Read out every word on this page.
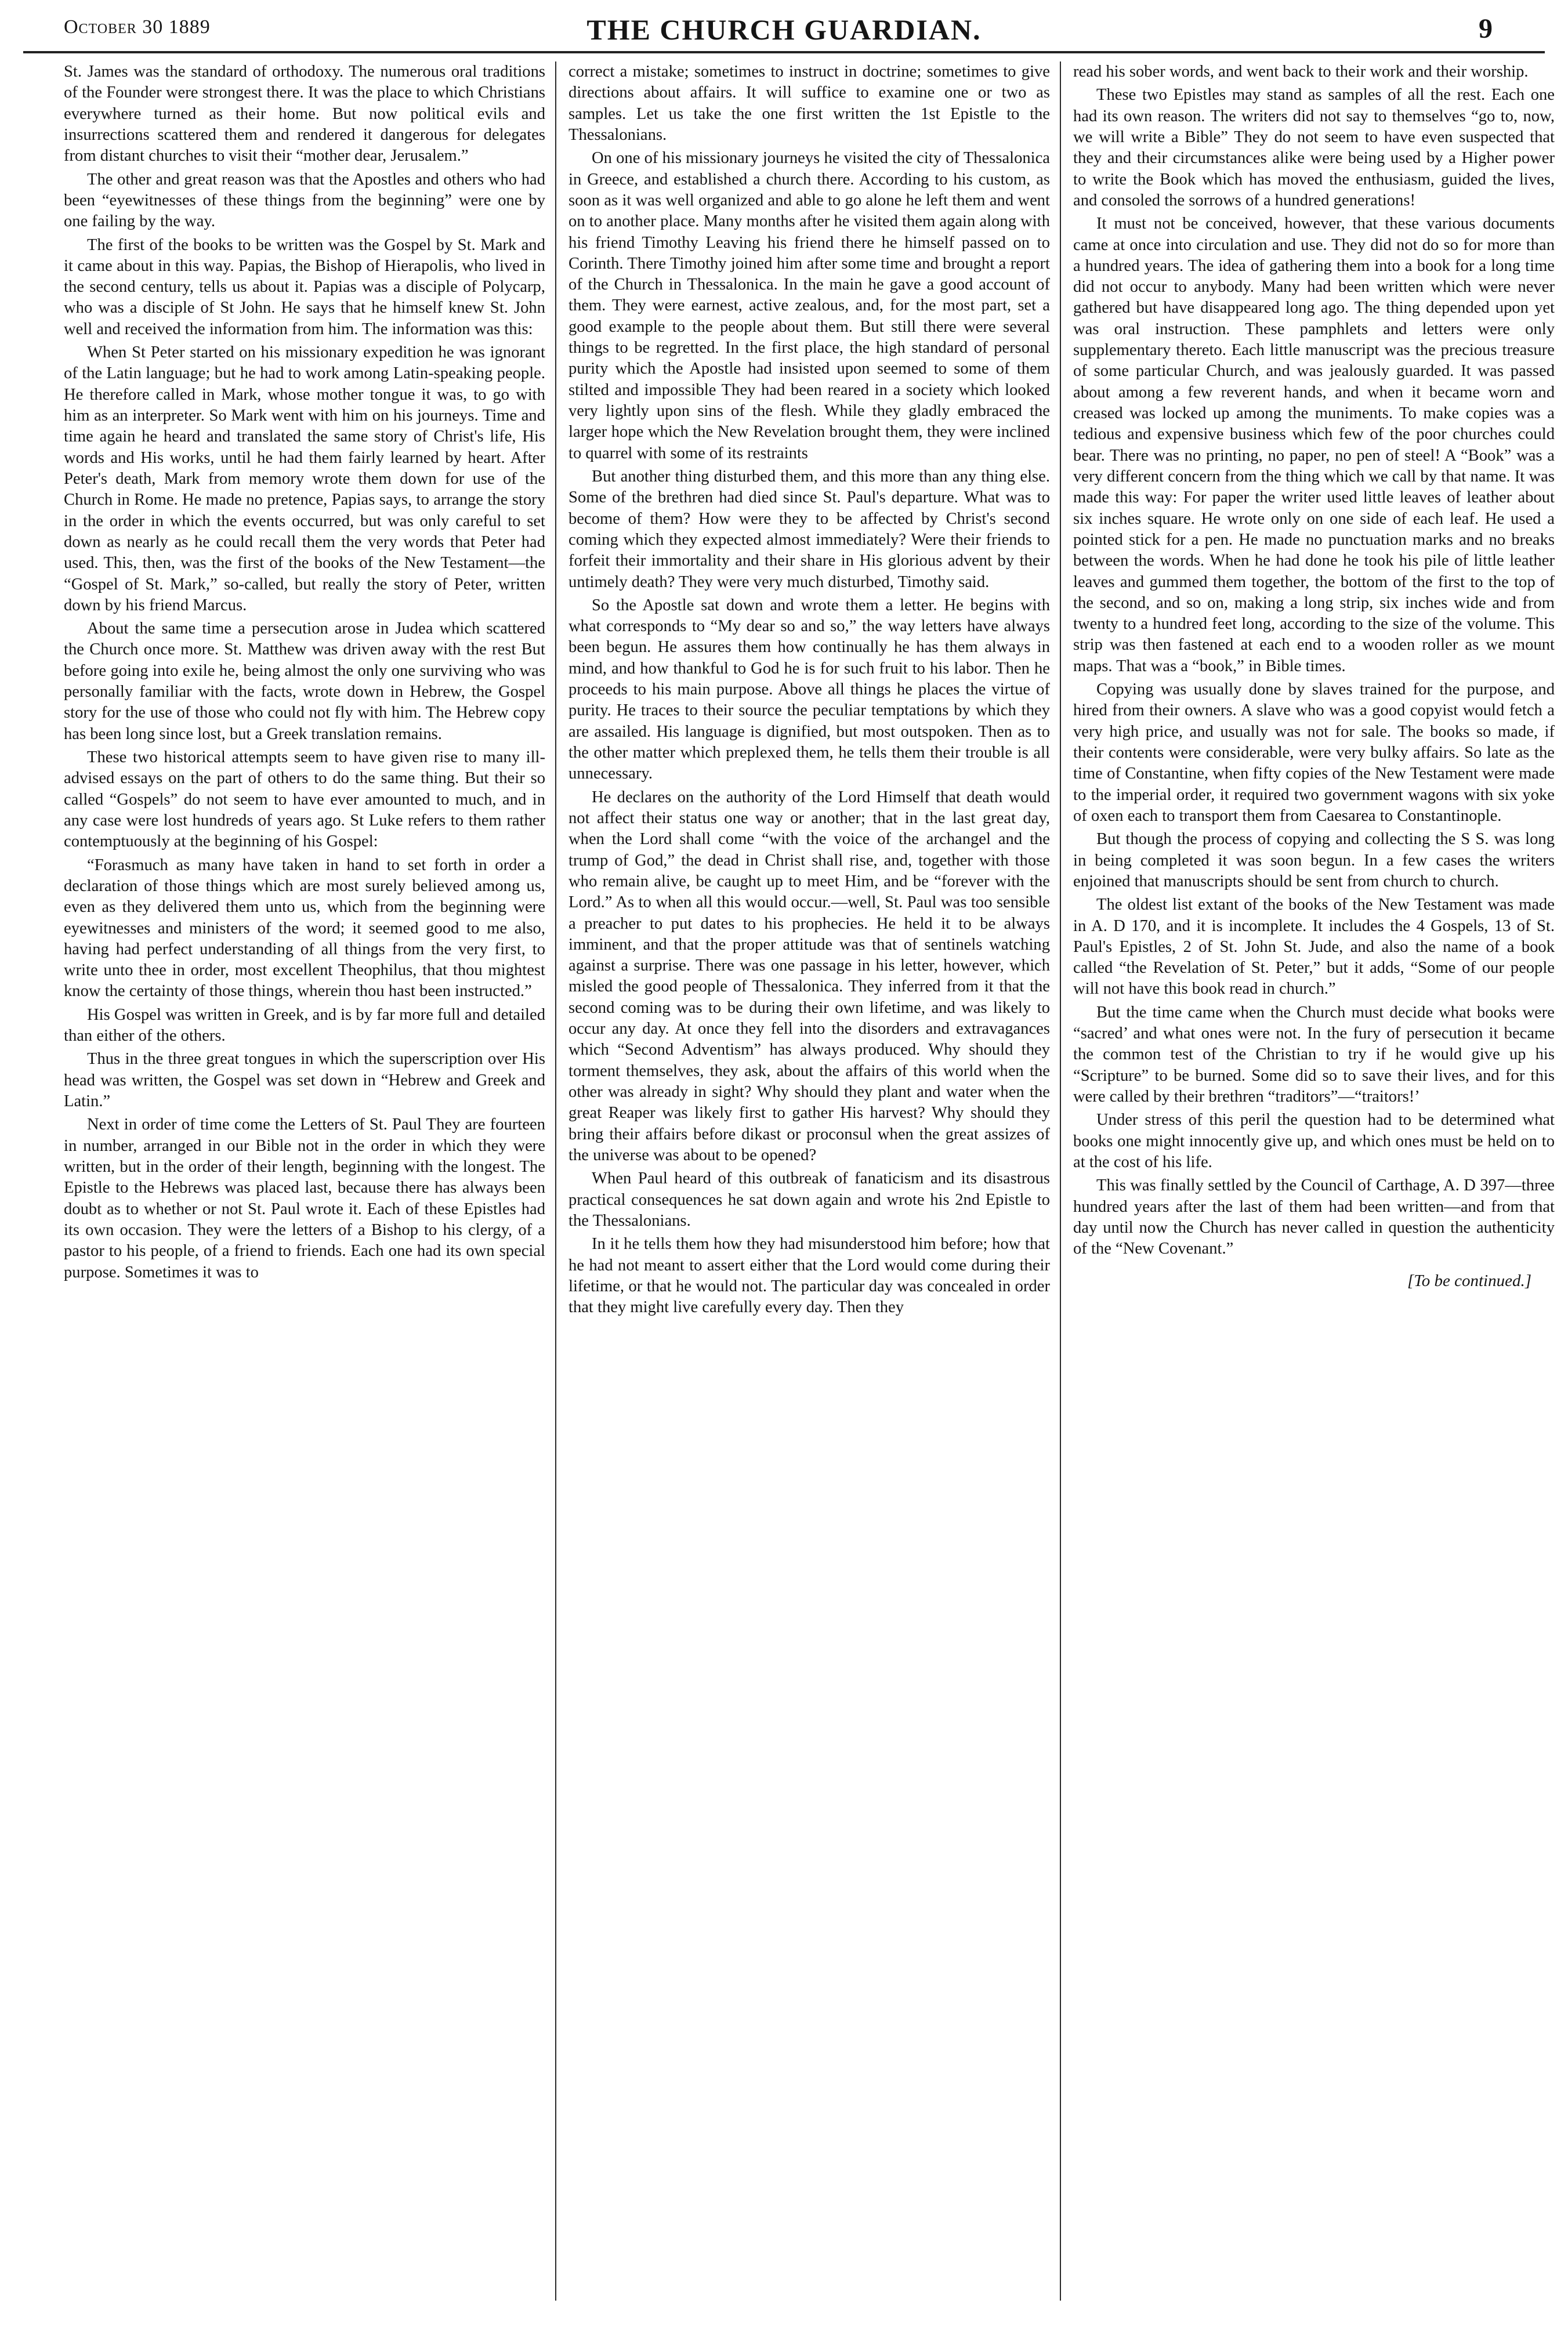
October 30 1889	THE CHURCH GUARDIAN.	9

St. James was the standard of orthodoxy. The numerous oral traditions of the Founder were strongest there. It was the place to which Christians everywhere turned as their home. But now political evils and insurrections scattered them and rendered it dangerous for delegates from distant churches to visit their “mother dear, Jerusalem.”

The other and great reason was that the Apostles and others who had been “eyewitnesses of these things from the beginning” were one by one failing by the way.

The first of the books to be written was the Gospel by St. Mark and it came about in this way. Papias, the Bishop of Hierapolis, who lived in the second century, tells us about it. Papias was a disciple of Polycarp, who was a disciple of St John. He says that he himself knew St. John well and received the information from him. The information was this:

When St Peter started on his missionary expedition he was ignorant of the Latin language; but he had to work among Latin-speaking people. He therefore called in Mark, whose mother tongue it was, to go with him as an interpreter. So Mark went with him on his journeys. Time and time again he heard and translated the same story of Christ's life, His words and His works, until he had them fairly learned by heart. After Peter's death, Mark from memory wrote them down for use of the Church in Rome. He made no pretence, Papias says, to arrange the story in the order in which the events occurred, but was only careful to set down as nearly as he could recall them the very words that Peter had used. This, then, was the first of the books of the New Testament—the “Gospel of St. Mark,” so-called, but really the story of Peter, written down by his friend Marcus.

About the same time a persecution arose in Judea which scattered the Church once more. St. Matthew was driven away with the rest But before going into exile he, being almost the only one surviving who was personally familiar with the facts, wrote down in Hebrew, the Gospel story for the use of those who could not fly with him. The Hebrew copy has been long since lost, but a Greek translation remains.

These two historical attempts seem to have given rise to many ill-advised essays on the part of others to do the same thing. But their so called “Gospels” do not seem to have ever amounted to much, and in any case were lost hundreds of years ago. St Luke refers to them rather contemptuously at the beginning of his Gospel:

“Forasmuch as many have taken in hand to set forth in order a declaration of those things which are most surely believed among us, even as they delivered them unto us, which from the beginning were eyewitnesses and ministers of the word; it seemed good to me also, having had perfect understanding of all things from the very first, to write unto thee in order, most excellent Theophilus, that thou mightest know the certainty of those things, wherein thou hast been instructed.”

His Gospel was written in Greek, and is by far more full and detailed than either of the others.

Thus in the three great tongues in which the superscription over His head was written, the Gospel was set down in “Hebrew and Greek and Latin.”

Next in order of time come the Letters of St. Paul They are fourteen in number, arranged in our Bible not in the order in which they were written, but in the order of their length, beginning with the longest. The Epistle to the Hebrews was placed last, because there has always been doubt as to whether or not St. Paul wrote it. Each of these Epistles had its own occasion. They were the letters of a Bishop to his clergy, of a pastor to his people, of a friend to friends. Each one had its own special purpose. Sometimes it was to

correct a mistake; sometimes to instruct in doctrine; sometimes to give directions about affairs. It will suffice to examine one or two as samples. Let us take the one first written the 1st Epistle to the Thessalonians.

On one of his missionary journeys he visited the city of Thessalonica in Greece, and established a church there. According to his custom, as soon as it was well organized and able to go alone he left them and went on to another place. Many months after he visited them again along with his friend Timothy Leaving his friend there he himself passed on to Corinth. There Timothy joined him after some time and brought a report of the Church in Thessalonica. In the main he gave a good account of them. They were earnest, active zealous, and, for the most part, set a good example to the people about them. But still there were several things to be regretted. In the first place, the high standard of personal purity which the Apostle had insisted upon seemed to some of them stilted and impossible They had been reared in a society which looked very lightly upon sins of the flesh. While they gladly embraced the larger hope which the New Revelation brought them, they were inclined to quarrel with some of its restraints

But another thing disturbed them, and this more than any thing else. Some of the brethren had died since St. Paul's departure. What was to become of them? How were they to be affected by Christ's second coming which they expected almost immediately? Were their friends to forfeit their immortality and their share in His glorious advent by their untimely death? They were very much disturbed, Timothy said.

So the Apostle sat down and wrote them a letter. He begins with what corresponds to “My dear so and so,” the way letters have always been begun. He assures them how continually he has them always in mind, and how thankful to God he is for such fruit to his labor. Then he proceeds to his main purpose. Above all things he places the virtue of purity. He traces to their source the peculiar temptations by which they are assailed. His language is dignified, but most outspoken. Then as to the other matter which preplexed them, he tells them their trouble is all unnecessary.

He declares on the authority of the Lord Himself that death would not affect their status one way or another; that in the last great day, when the Lord shall come “with the voice of the archangel and the trump of God,” the dead in Christ shall rise, and, together with those who remain alive, be caught up to meet Him, and be “forever with the Lord.” As to when all this would occur.—well, St. Paul was too sensible a preacher to put dates to his prophecies. He held it to be always imminent, and that the proper attitude was that of sentinels watching against a surprise. There was one passage in his letter, however, which misled the good people of Thessalonica. They inferred from it that the second coming was to be during their own lifetime, and was likely to occur any day. At once they fell into the disorders and extravagances which “Second Adventism” has always produced. Why should they torment themselves, they ask, about the affairs of this world when the other was already in sight? Why should they plant and water when the great Reaper was likely first to gather His harvest? Why should they bring their affairs before dikast or proconsul when the great assizes of the universe was about to be opened?

When Paul heard of this outbreak of fanaticism and its disastrous practical consequences he sat down again and wrote his 2nd Epistle to the Thessalonians.

In it he tells them how they had misunderstood him before; how that he had not meant to assert either that the Lord would come during their lifetime, or that he would not. The particular day was concealed in order that they might live carefully every day. Then they

read his sober words, and went back to their work and their worship.

These two Epistles may stand as samples of all the rest. Each one had its own reason. The writers did not say to themselves “go to, now, we will write a Bible” They do not seem to have even suspected that they and their circumstances alike were being used by a Higher power to write the Book which has moved the enthusiasm, guided the lives, and consoled the sorrows of a hundred generations!

It must not be conceived, however, that these various documents came at once into circulation and use. They did not do so for more than a hundred years. The idea of gathering them into a book for a long time did not occur to anybody. Many had been written which were never gathered but have disappeared long ago. The thing depended upon yet was oral instruction. These pamphlets and letters were only supplementary thereto. Each little manuscript was the precious treasure of some particular Church, and was jealously guarded. It was passed about among a few reverent hands, and when it became worn and creased was locked up among the muniments. To make copies was a tedious and expensive business which few of the poor churches could bear. There was no printing, no paper, no pen of steel! A “Book” was a very different concern from the thing which we call by that name. It was made this way: For paper the writer used little leaves of leather about six inches square. He wrote only on one side of each leaf. He used a pointed stick for a pen. He made no punctuation marks and no breaks between the words. When he had done he took his pile of little leather leaves and gummed them together, the bottom of the first to the top of the second, and so on, making a long strip, six inches wide and from twenty to a hundred feet long, according to the size of the volume. This strip was then fastened at each end to a wooden roller as we mount maps. That was a “book,” in Bible times.

Copying was usually done by slaves trained for the purpose, and hired from their owners. A slave who was a good copyist would fetch a very high price, and usually was not for sale. The books so made, if their contents were considerable, were very bulky affairs. So late as the time of Constantine, when fifty copies of the New Testament were made to the imperial order, it required two government wagons with six yoke of oxen each to transport them from Caesarea to Constantinople.

But though the process of copying and collecting the S S. was long in being completed it was soon begun. In a few cases the writers enjoined that manuscripts should be sent from church to church.

The oldest list extant of the books of the New Testament was made in A. D 170, and it is incomplete. It includes the 4 Gospels, 13 of St. Paul's Epistles, 2 of St. John St. Jude, and also the name of a book called “the Revelation of St. Peter,” but it adds, “Some of our people will not have this book read in church.”

But the time came when the Church must decide what books were “sacred’ and what ones were not. In the fury of persecution it became the common test of the Christian to try if he would give up his “Scripture” to be burned. Some did so to save their lives, and for this were called by their brethren “traditors”—“traitors!’

Under stress of this peril the question had to be determined what books one might innocently give up, and which ones must be held on to at the cost of his life.

This was finally settled by the Council of Carthage, A. D 397—three hundred years after the last of them had been written—and from that day until now the Church has never called in question the authenticity of the “New Covenant.”

[To be continued.]
